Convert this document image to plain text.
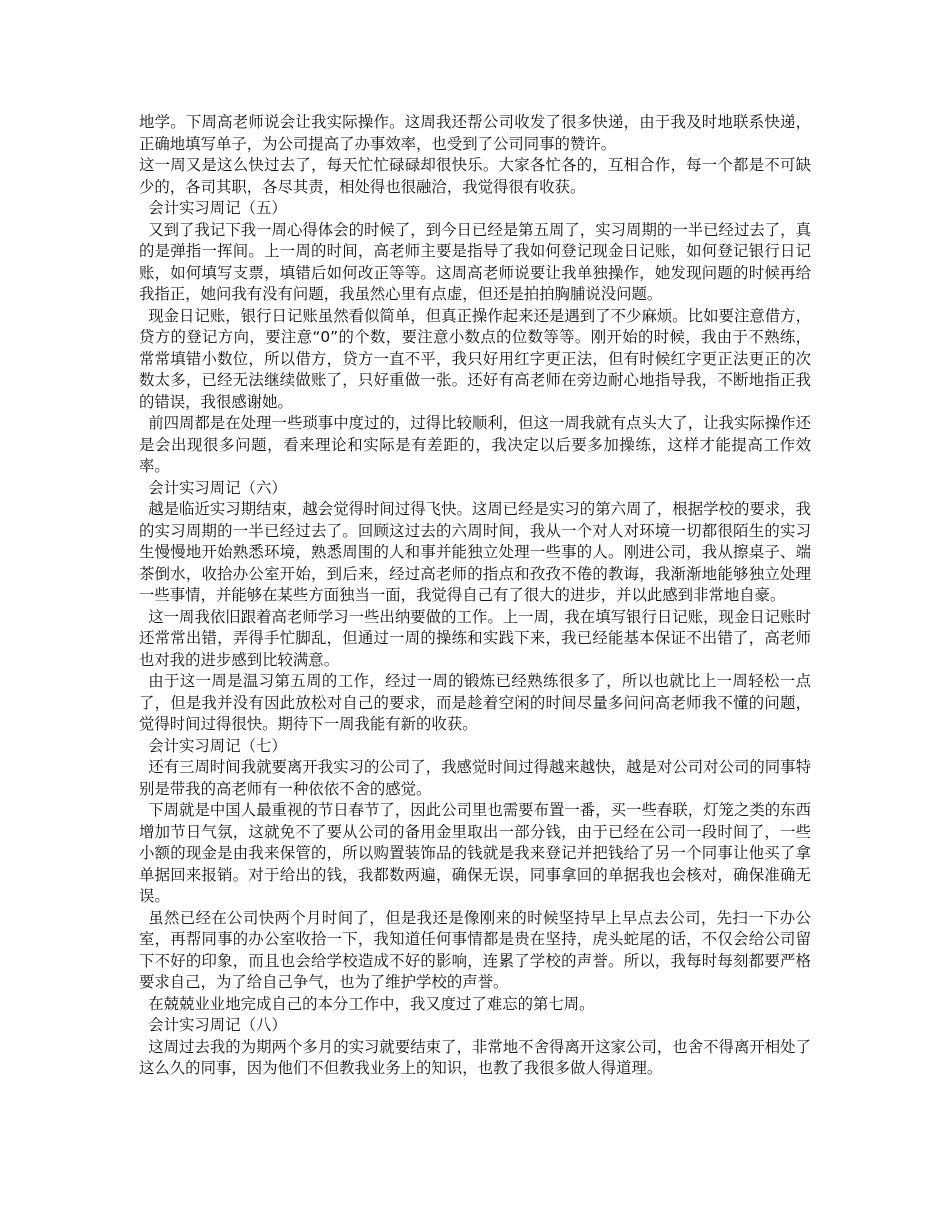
地学。下周高老师说会让我实际操作。这周我还帮公司收发了很多快递，由于我及时地联系快递，正确地填写单子，为公司提高了办事效率，也受到了公司同事的赞许。

这一周又是这么快过去了，每天忙忙碌碌却很快乐。大家各忙各的，互相合作，每一个都是不可缺少的，各司其职，各尽其责，相处得也很融洽，我觉得很有收获。

会计实习周记（五）

又到了我记下我一周心得体会的时候了，到今日已经是第五周了，实习周期的一半已经过去了，真的是弹指一挥间。上一周的时间，高老师主要是指导了我如何登记现金日记账，如何登记银行日记账，如何填写支票，填错后如何改正等等。这周高老师说要让我单独操作，她发现问题的时候再给我指正，她问我有没有问题，我虽然心里有点虚，但还是拍拍胸脯说没问题。

现金日记账，银行日记账虽然看似简单，但真正操作起来还是遇到了不少麻烦。比如要注意借方，贷方的登记方向，要注意“0”的个数，要注意小数点的位数等等。刚开始的时候，我由于不熟练，常常填错小数位，所以借方，贷方一直不平，我只好用红字更正法，但有时候红字更正法更正的次数太多，已经无法继续做账了，只好重做一张。还好有高老师在旁边耐心地指导我，不断地指正我的错误，我很感谢她。

前四周都是在处理一些琐事中度过的，过得比较顺利，但这一周我就有点头大了，让我实际操作还是会出现很多问题，看来理论和实际是有差距的，我决定以后要多加操练，这样才能提高工作效率。

会计实习周记（六）

越是临近实习期结束，越会觉得时间过得飞快。这周已经是实习的第六周了，根据学校的要求，我的实习周期的一半已经过去了。回顾这过去的六周时间，我从一个对人对环境一切都很陌生的实习生慢慢地开始熟悉环境，熟悉周围的人和事并能独立处理一些事的人。刚进公司，我从擦桌子、端茶倒水，收拾办公室开始，到后来，经过高老师的指点和孜孜不倦的教诲，我渐渐地能够独立处理一些事情，并能够在某些方面独当一面，我觉得自己有了很大的进步，并以此感到非常地自豪。

这一周我依旧跟着高老师学习一些出纳要做的工作。上一周，我在填写银行日记账，现金日记账时还常常出错，弄得手忙脚乱，但通过一周的操练和实践下来，我已经能基本保证不出错了，高老师也对我的进步感到比较满意。

由于这一周是温习第五周的工作，经过一周的锻炼已经熟练很多了，所以也就比上一周轻松一点了，但是我并没有因此放松对自己的要求，而是趁着空闲的时间尽量多问问高老师我不懂的问题，觉得时间过得很快。期待下一周我能有新的收获。

会计实习周记（七）

还有三周时间我就要离开我实习的公司了，我感觉时间过得越来越快，越是对公司对公司的同事特别是带我的高老师有一种依依不舍的感觉。

下周就是中国人最重视的节日春节了，因此公司里也需要布置一番，买一些春联，灯笼之类的东西增加节日气氛，这就免不了要从公司的备用金里取出一部分钱，由于已经在公司一段时间了，一些小额的现金是由我来保管的，所以购置装饰品的钱就是我来登记并把钱给了另一个同事让他买了拿单据回来报销。对于给出的钱，我都数两遍，确保无误，同事拿回的单据我也会核对，确保准确无误。

虽然已经在公司快两个月时间了，但是我还是像刚来的时候坚持早上早点去公司，先扫一下办公室，再帮同事的办公室收拾一下，我知道任何事情都是贵在坚持，虎头蛇尾的话，不仅会给公司留下不好的印象，而且也会给学校造成不好的影响，连累了学校的声誉。所以，我每时每刻都要严格要求自己，为了给自己争气，也为了维护学校的声誉。

在兢兢业业地完成自己的本分工作中，我又度过了难忘的第七周。

会计实习周记（八）

这周过去我的为期两个多月的实习就要结束了，非常地不舍得离开这家公司，也舍不得离开相处了这么久的同事，因为他们不但教我业务上的知识，也教了我很多做人得道理。
